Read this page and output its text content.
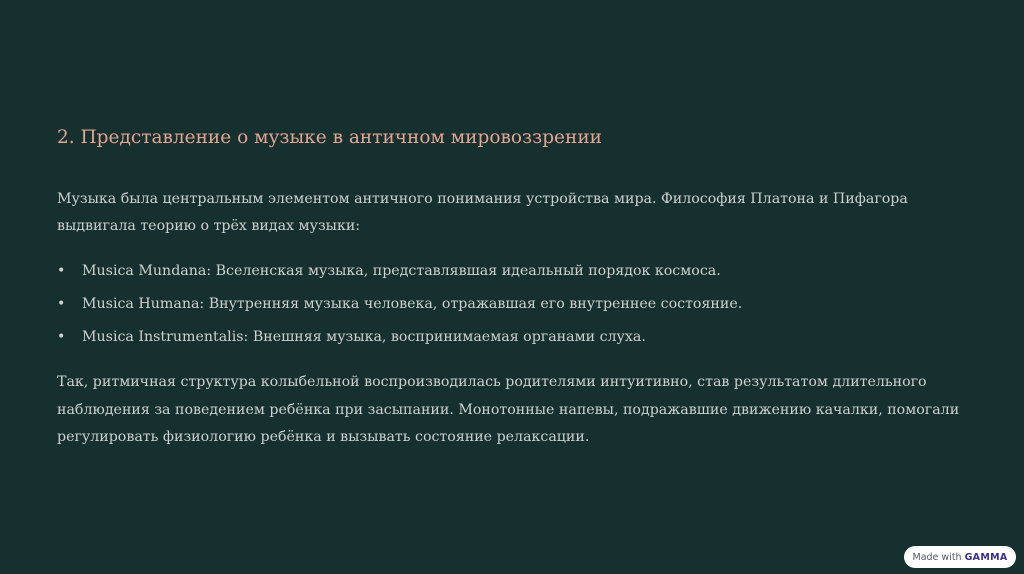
2. Представление о музыке в античном мировоззрении
Музыка была центральным элементом античного понимания устройства мира. Философия Платона и Пифагора
выдвигала теорию о трёх видах музыки:
• Musica Mundana: Вселенская музыка, представлявшая идеальный порядок космоса.
• Musica Humana: Внутренняя музыка человека, отражавшая его внутреннее состояние.
• Musica Instrumentalis: Внешняя музыка, воспринимаемая органами слуха.
Так, ритмичная структура колыбельной воспроизводилась родителями интуитивно, став результатом длительного
наблюдения за поведением ребёнка при засыпании. Монотонные напевы, подражавшие движению качалки, помогали
регулировать физиологию ребёнка и вызывать состояние релаксации.
Made with GAMMA
